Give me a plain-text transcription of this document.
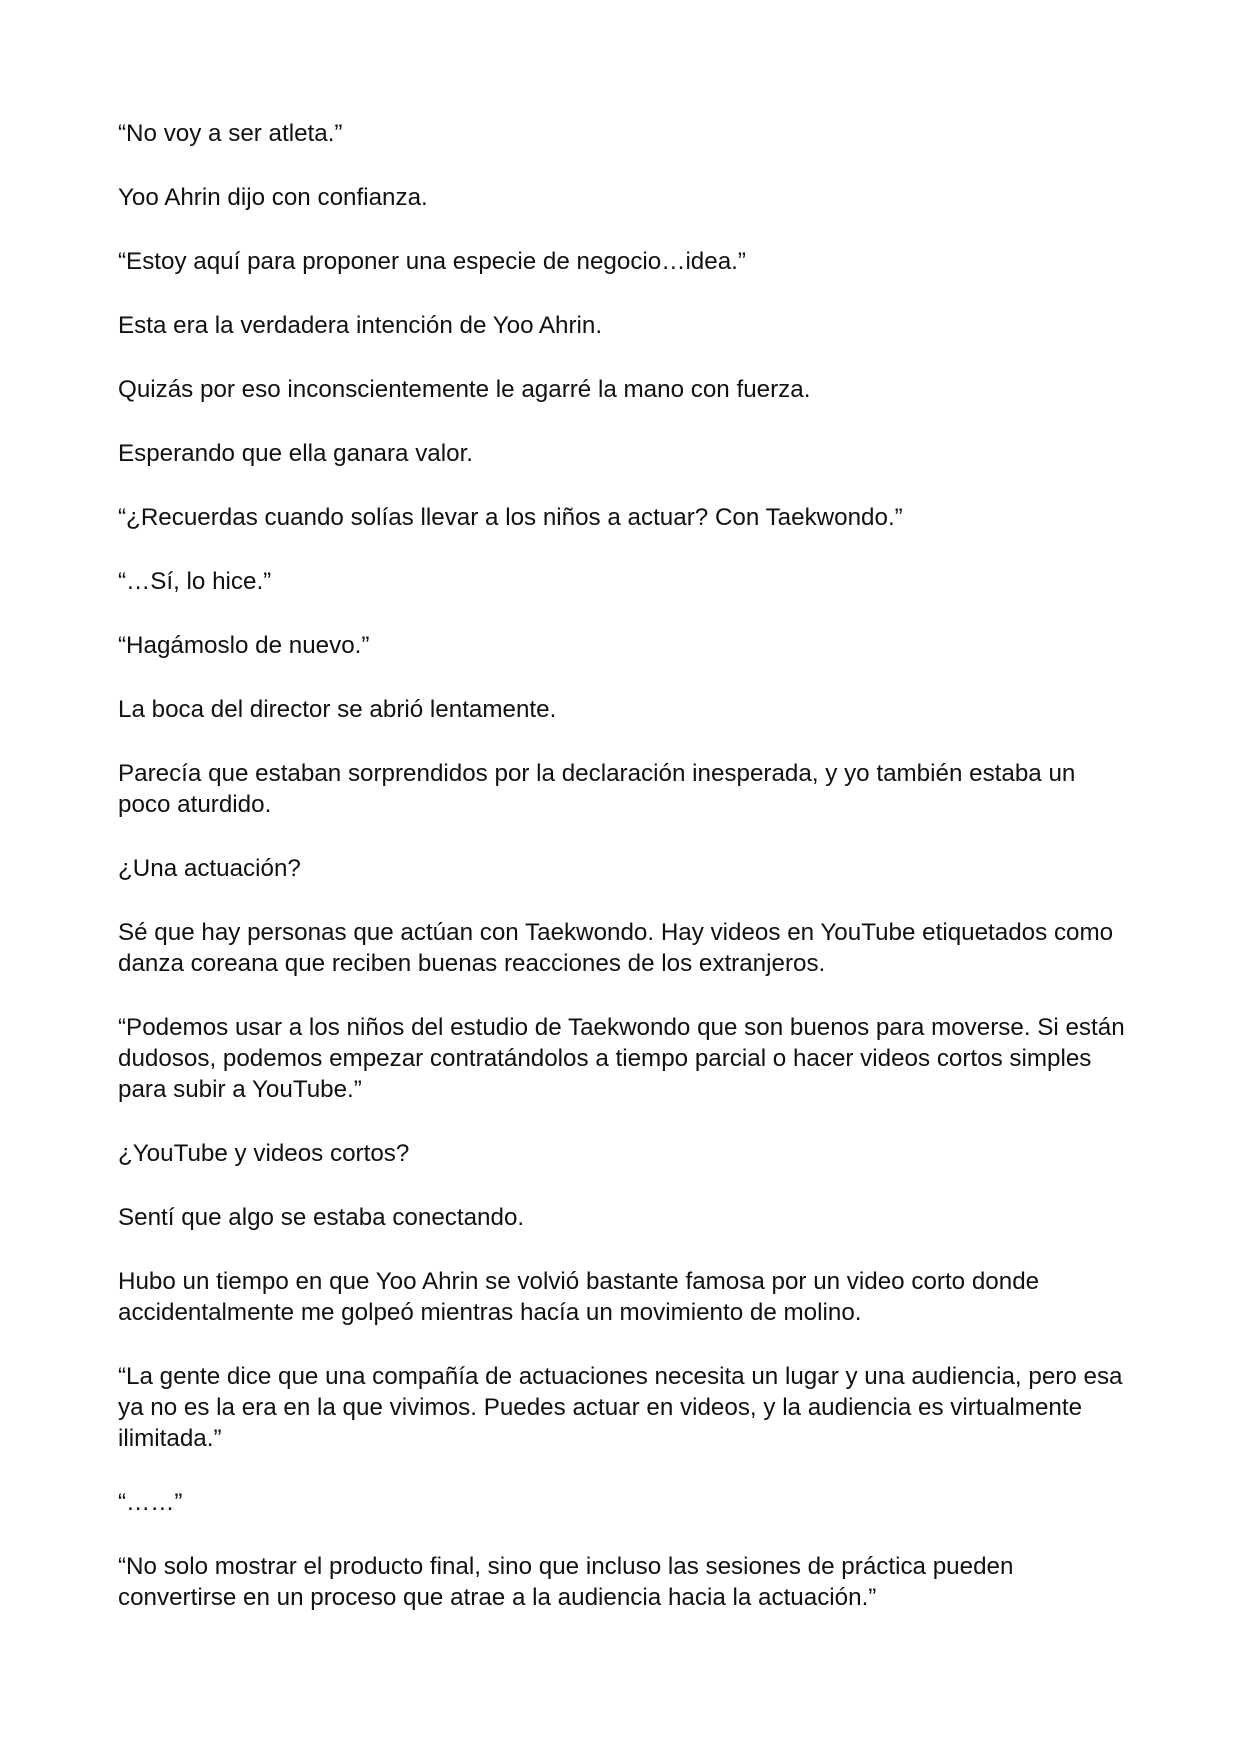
“No voy a ser atleta.”

Yoo Ahrin dijo con confianza.

“Estoy aquí para proponer una especie de negocio…idea.”

Esta era la verdadera intención de Yoo Ahrin.

Quizás por eso inconscientemente le agarré la mano con fuerza.

Esperando que ella ganara valor.

“¿Recuerdas cuando solías llevar a los niños a actuar? Con Taekwondo.”

“…Sí, lo hice.”

“Hagámoslo de nuevo.”

La boca del director se abrió lentamente.

Parecía que estaban sorprendidos por la declaración inesperada, y yo también estaba un poco aturdido.

¿Una actuación?

Sé que hay personas que actúan con Taekwondo. Hay videos en YouTube etiquetados como danza coreana que reciben buenas reacciones de los extranjeros.

“Podemos usar a los niños del estudio de Taekwondo que son buenos para moverse. Si están dudosos, podemos empezar contratándolos a tiempo parcial o hacer videos cortos simples para subir a YouTube.”

¿YouTube y videos cortos?

Sentí que algo se estaba conectando.

Hubo un tiempo en que Yoo Ahrin se volvió bastante famosa por un video corto donde accidentalmente me golpeó mientras hacía un movimiento de molino.

“La gente dice que una compañía de actuaciones necesita un lugar y una audiencia, pero esa ya no es la era en la que vivimos. Puedes actuar en videos, y la audiencia es virtualmente ilimitada.”

“……”

“No solo mostrar el producto final, sino que incluso las sesiones de práctica pueden convertirse en un proceso que atrae a la audiencia hacia la actuación.”
